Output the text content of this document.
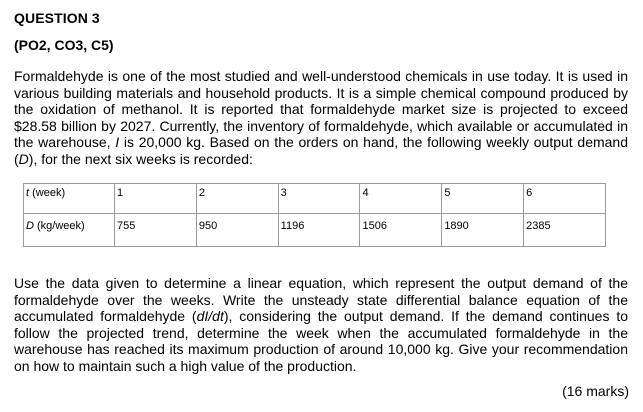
QUESTION 3
(PO2, CO3, C5)
Formaldehyde is one of the most studied and well-understood chemicals in use today. It is used in various building materials and household products. It is a simple chemical compound produced by the oxidation of methanol. It is reported that formaldehyde market size is projected to exceed $28.58 billion by 2027. Currently, the inventory of formaldehyde, which available or accumulated in the warehouse, I is 20,000 kg. Based on the orders on hand, the following weekly output demand (D), for the next six weeks is recorded:
t (week)	1	2	3	4	5	6
D (kg/week)	755	950	1196	1506	1890	2385
Use the data given to determine a linear equation, which represent the output demand of the formaldehyde over the weeks. Write the unsteady state differential balance equation of the accumulated formaldehyde (dI/dt), considering the output demand. If the demand continues to follow the projected trend, determine the week when the accumulated formaldehyde in the warehouse has reached its maximum production of around 10,000 kg. Give your recommendation on how to maintain such a high value of the production.
(16 marks)
